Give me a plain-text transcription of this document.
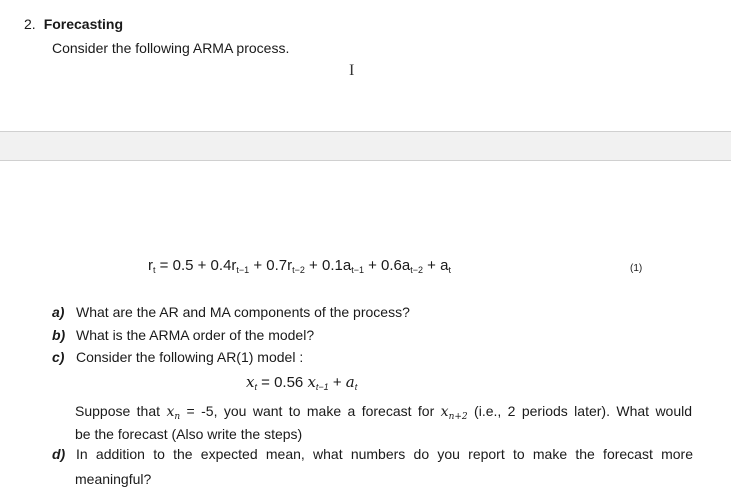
2. Forecasting
Consider the following ARMA process.
I
$r_t = 0.5 + 0.4r_{t-1} + 0.7r_{t-2} + 0.1a_{t-1} + 0.6a_{t-2} + a_t$	(1)
a) What are the AR and MA components of the process?
b) What is the ARMA order of the model?
c) Consider the following AR(1) model :
$x_t = 0.56$ $x_{t-1} + a_t$
Suppose that $x_n = -5$, you want to make a forecast for $x_{n+2}$ (i.e., 2 periods later). What would
be the forecast (Also write the steps)
d) In addition to the expected mean, what numbers do you report to make the forecast more
meaningful?
